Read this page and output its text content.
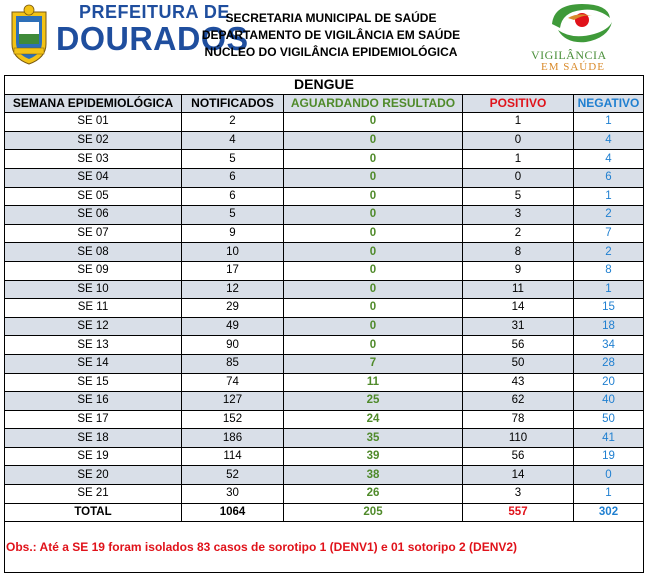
PREFEITURA DE
DOURADOS
SECRETARIA MUNICIPAL DE SAÚDE
DEPARTAMENTO DE VIGILÂNCIA EM SAÚDE
NÚCLEO DO VIGILÂNCIA EPIDEMIOLÓGICA	VIGILÂNCIA
EM SAÚDE
DENGUE				
SEMANA EPIDEMIOLÓGICA	NOTIFICADOS	AGUARDANDO RESULTADO	POSITIVO	NEGATIVO
SE 01	2	0	1	1
SE 02	4	0	0	4
SE 03	5	0	1	4
SE 04	6	0	0	6
SE 05	6	0	5	1
SE 06	5	0	3	2
SE 07	9	0	2	7
SE 08	10	0	8	2
SE 09	17	0	9	8
SE 10	12	0	11	1
SE 11	29	0	14	15
SE 12	49	0	31	18
SE 13	90	0	56	34
SE 14	85	7	50	28
SE 15	74	11	43	20
SE 16	127	25	62	40
SE 17	152	24	78	50
SE 18	186	35	110	41
SE 19	114	39	56	19
SE 20	52	38	14	0
SE 21	30	26	3	1
TOTAL	1064	205	557	302
Obs.: Até a SE 19 foram isolados 83 casos de sorotipo 1 (DENV1) e 01 sotoripo 2 (DENV2)				
